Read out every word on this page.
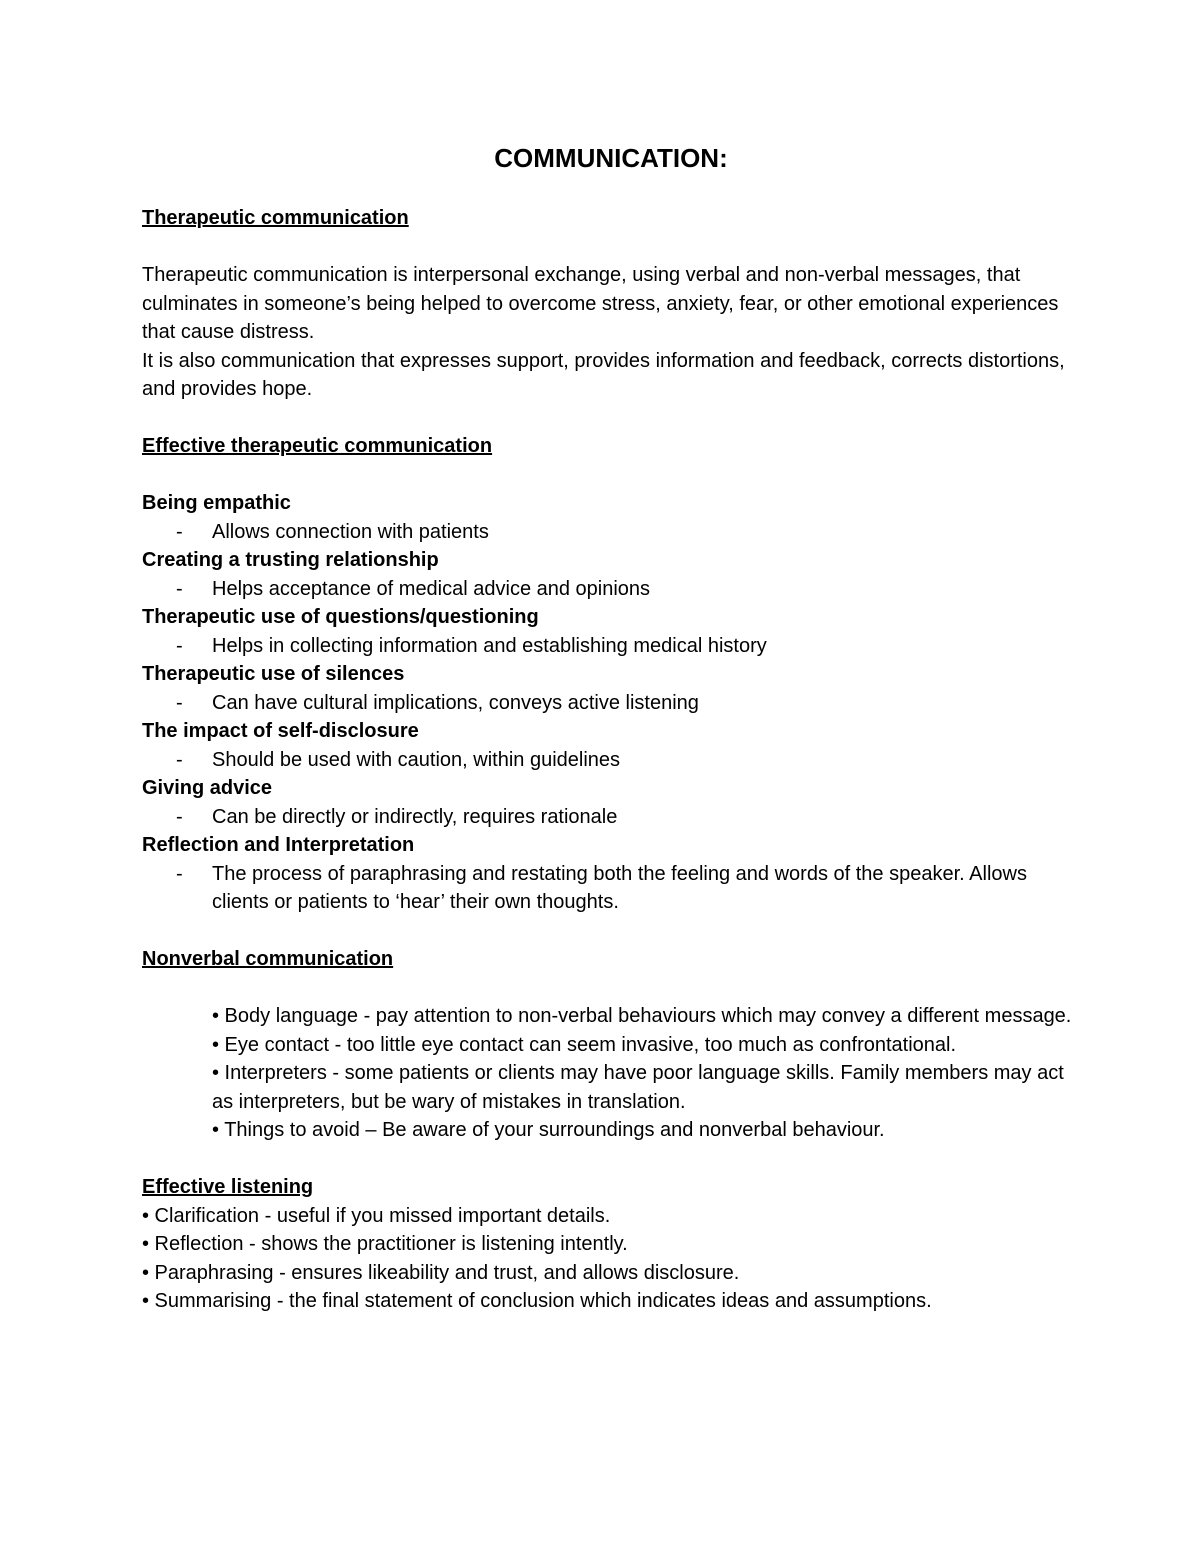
COMMUNICATION:

Therapeutic communication

Therapeutic communication is interpersonal exchange, using verbal and non-verbal messages, that culminates in someone’s being helped to overcome stress, anxiety, fear, or other emotional experiences that cause distress.

It is also communication that expresses support, provides information and feedback, corrects distortions, and provides hope.

Effective therapeutic communication

Being empathic

- Allows connection with patients

Creating a trusting relationship

- Helps acceptance of medical advice and opinions

Therapeutic use of questions/questioning

- Helps in collecting information and establishing medical history

Therapeutic use of silences

- Can have cultural implications, conveys active listening

The impact of self-disclosure

- Should be used with caution, within guidelines

Giving advice

- Can be directly or indirectly, requires rationale

Reflection and Interpretation

- The process of paraphrasing and restating both the feeling and words of the speaker. Allows clients or patients to ‘hear’ their own thoughts.

Nonverbal communication

• Body language - pay attention to non-verbal behaviours which may convey a different message.

• Eye contact - too little eye contact can seem invasive, too much as confrontational.

• Interpreters - some patients or clients may have poor language skills. Family members may act as interpreters, but be wary of mistakes in translation.

• Things to avoid – Be aware of your surroundings and nonverbal behaviour.

Effective listening

• Clarification - useful if you missed important details.

• Reflection - shows the practitioner is listening intently.

• Paraphrasing - ensures likeability and trust, and allows disclosure.

• Summarising - the final statement of conclusion which indicates ideas and assumptions.
